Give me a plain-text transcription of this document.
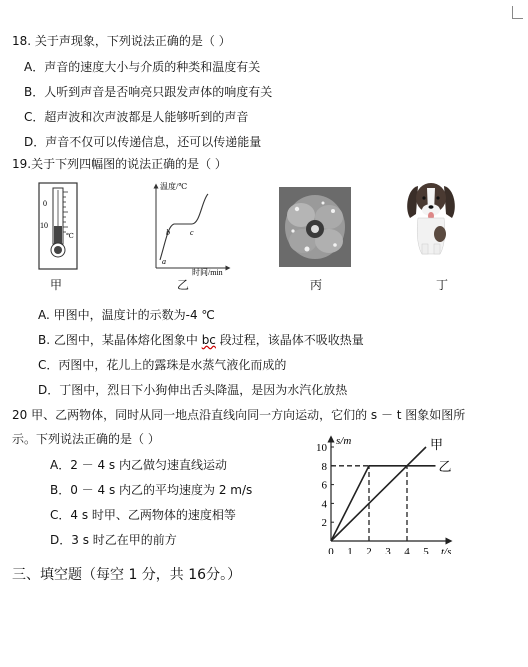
18. 关于声现象，下列说法正确的是（ ）
A．声音的速度大小与介质的种类和温度有关
B．人听到声音是否响亮只跟发声体的响度有关
C．超声波和次声波都是人能够听到的声音
D．声音不仅可以传递信息，还可以传递能量
19.关于下列四幅图的说法正确的是（ ）
0
10
℃
温度/℃
时间/min
a
b	c
甲	乙	丙	丁
A. 甲图中，温度计的示数为-4 ℃
B. 乙图中，某晶体熔化图象中 bc 段过程，该晶体不吸收热量
C．丙图中，花儿上的露珠是水蒸气液化而成的
D．丁图中，烈日下小狗伸出舌头降温，是因为水汽化放热
20 甲、乙两物体，同时从同一地点沿直线向同一方向运动，它们的 s － t 图象如图所
示。下列说法正确的是（ ）
A．2 － 4 s 内乙做匀速直线运动
B．0 － 4 s 内乙的平均速度为 2 m/s
C．4 s 时甲、乙两物体的速度相等
D．3 s 时乙在甲的前方
s/m
t/s
0 1 2 3 4 5
2
4
6
8
10	甲
乙
三、填空题（每空 1 分，共 16分。）
